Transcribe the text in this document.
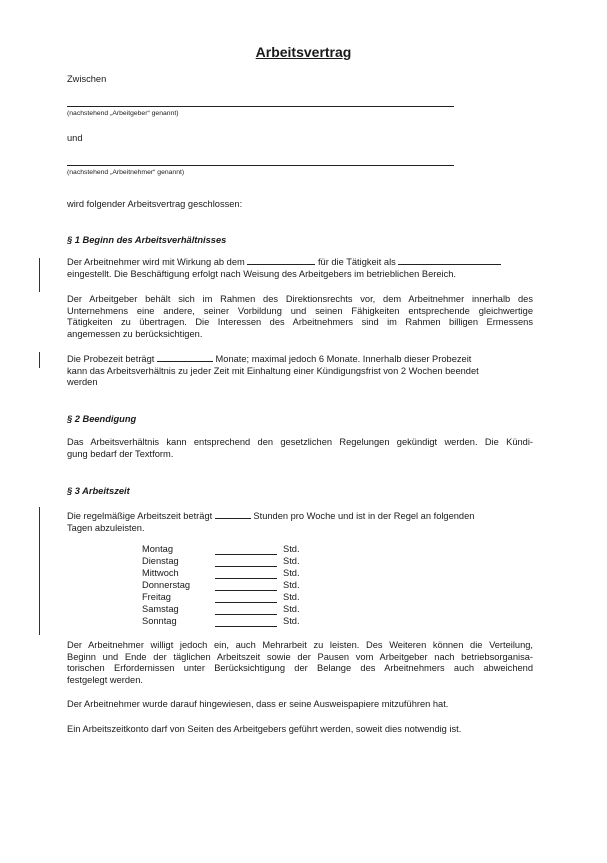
Arbeitsvertrag
Zwischen
(nachstehend „Arbeitgeber“ genannt)
und
(nachstehend „Arbeitnehmer“ genannt)
wird folgender Arbeitsvertrag geschlossen:
§ 1 Beginn des Arbeitsverhältnisses

Der Arbeitnehmer wird mit Wirkung ab dem	für die Tätigkeit als

eingestellt. Die Beschäftigung erfolgt nach Weisung des Arbeitgebers im betrieblichen Bereich.

Der Arbeitgeber behält sich im Rahmen des Direktionsrechts vor, dem Arbeitnehmer innerhalb des

Unternehmens eine andere, seiner Vorbildung und seinen Fähigkeiten entsprechende gleichwertige

Tätigkeiten zu übertragen. Die Interessen des Arbeitnehmers sind im Rahmen billigen Ermessens

angemessen zu berücksichtigen.

Die Probezeit beträgt	Monate; maximal jedoch 6 Monate. Innerhalb dieser Probezeit

kann das Arbeitsverhältnis zu jeder Zeit mit Einhaltung einer Kündigungsfrist von 2 Wochen beendet

werden

§ 2 Beendigung

Das Arbeitsverhältnis kann entsprechend den gesetzlichen Regelungen gekündigt werden. Die Kündi-

gung bedarf der Textform.

§ 3 Arbeitszeit

Die regelmäßige Arbeitszeit beträgt	Stunden pro Woche und ist in der Regel an folgenden

Tagen abzuleisten.

Montag	Std.
Dienstag	Std.
Mittwoch	Std.
Donnerstag	Std.
Freitag	Std.
Samstag	Std.
Sonntag	Std.

Der Arbeitnehmer willigt jedoch ein, auch Mehrarbeit zu leisten. Des Weiteren können die Verteilung,

Beginn und Ende der täglichen Arbeitszeit sowie der Pausen vom Arbeitgeber nach betriebsorganisa-

torischen Erfordernissen unter Berücksichtigung der Belange des Arbeitnehmers auch abweichend

festgelegt werden.

Der Arbeitnehmer wurde darauf hingewiesen, dass er seine Ausweispapiere mitzuführen hat.
Ein Arbeitszeitkonto darf von Seiten des Arbeitgebers geführt werden, soweit dies notwendig ist.
